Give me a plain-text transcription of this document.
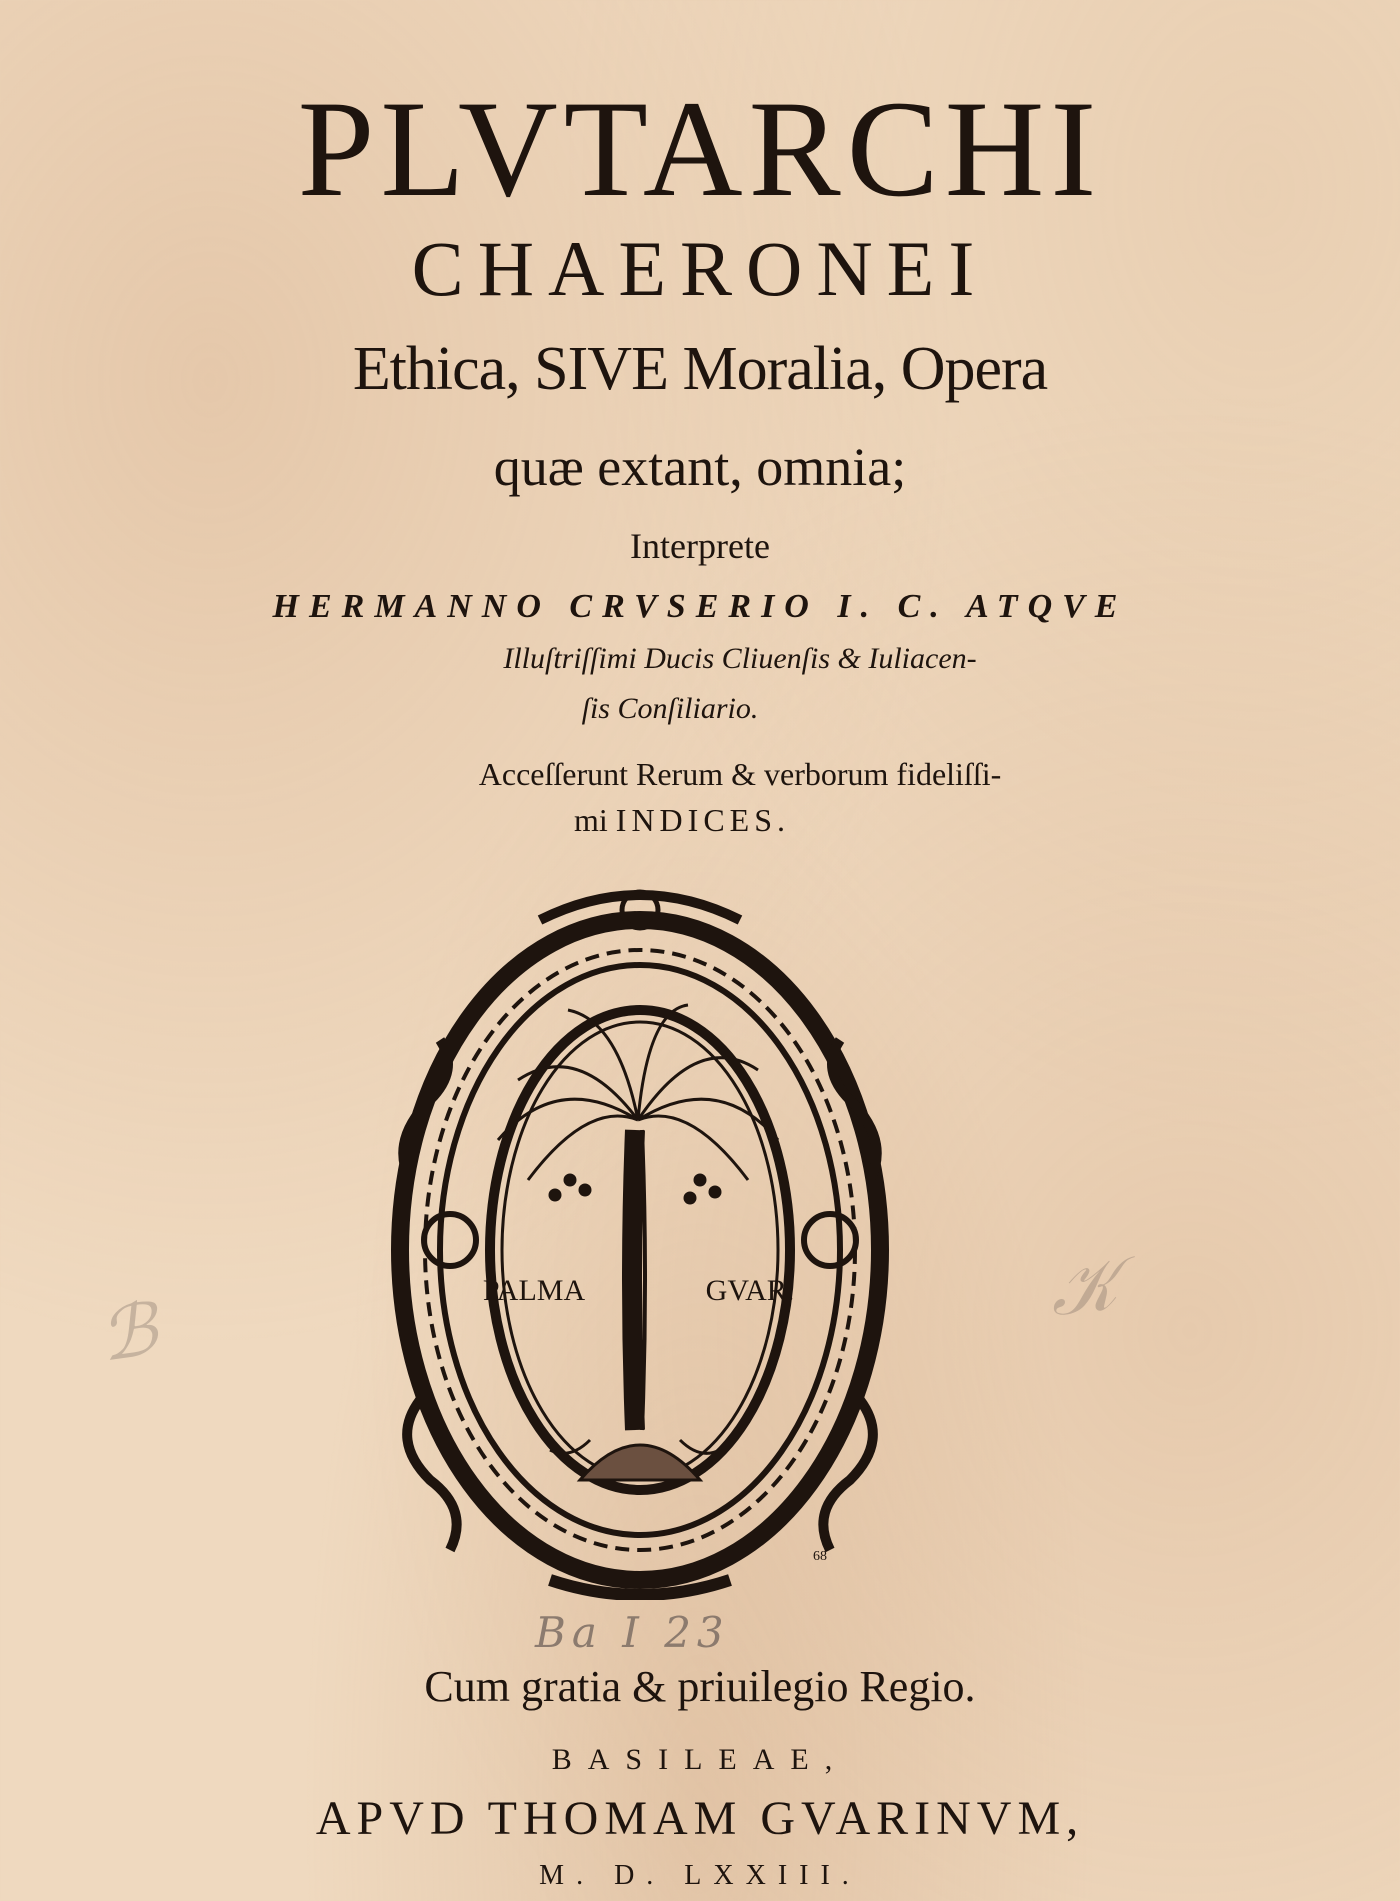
PLVTARCHI
CHAERONEI
Ethica, SIVE Moralia, Opera
quæ extant, omnia;
Interprete
HERMANNO CRVSERIO I. C. ATQVE
Illuſtriſſimi Ducis Cliuenſis & Iuliacen-
ſis Conſiliario.
Acceſſerunt Rerum & verborum fideliſſi-
mi INDICES.
PALMA	GVAR.
68
ℬ	𝒦
Ba I 23
Cum gratia & priuilegio Regio.
BASILEAE,
APVD THOMAM GVARINVM,
M. D. LXXIII.
